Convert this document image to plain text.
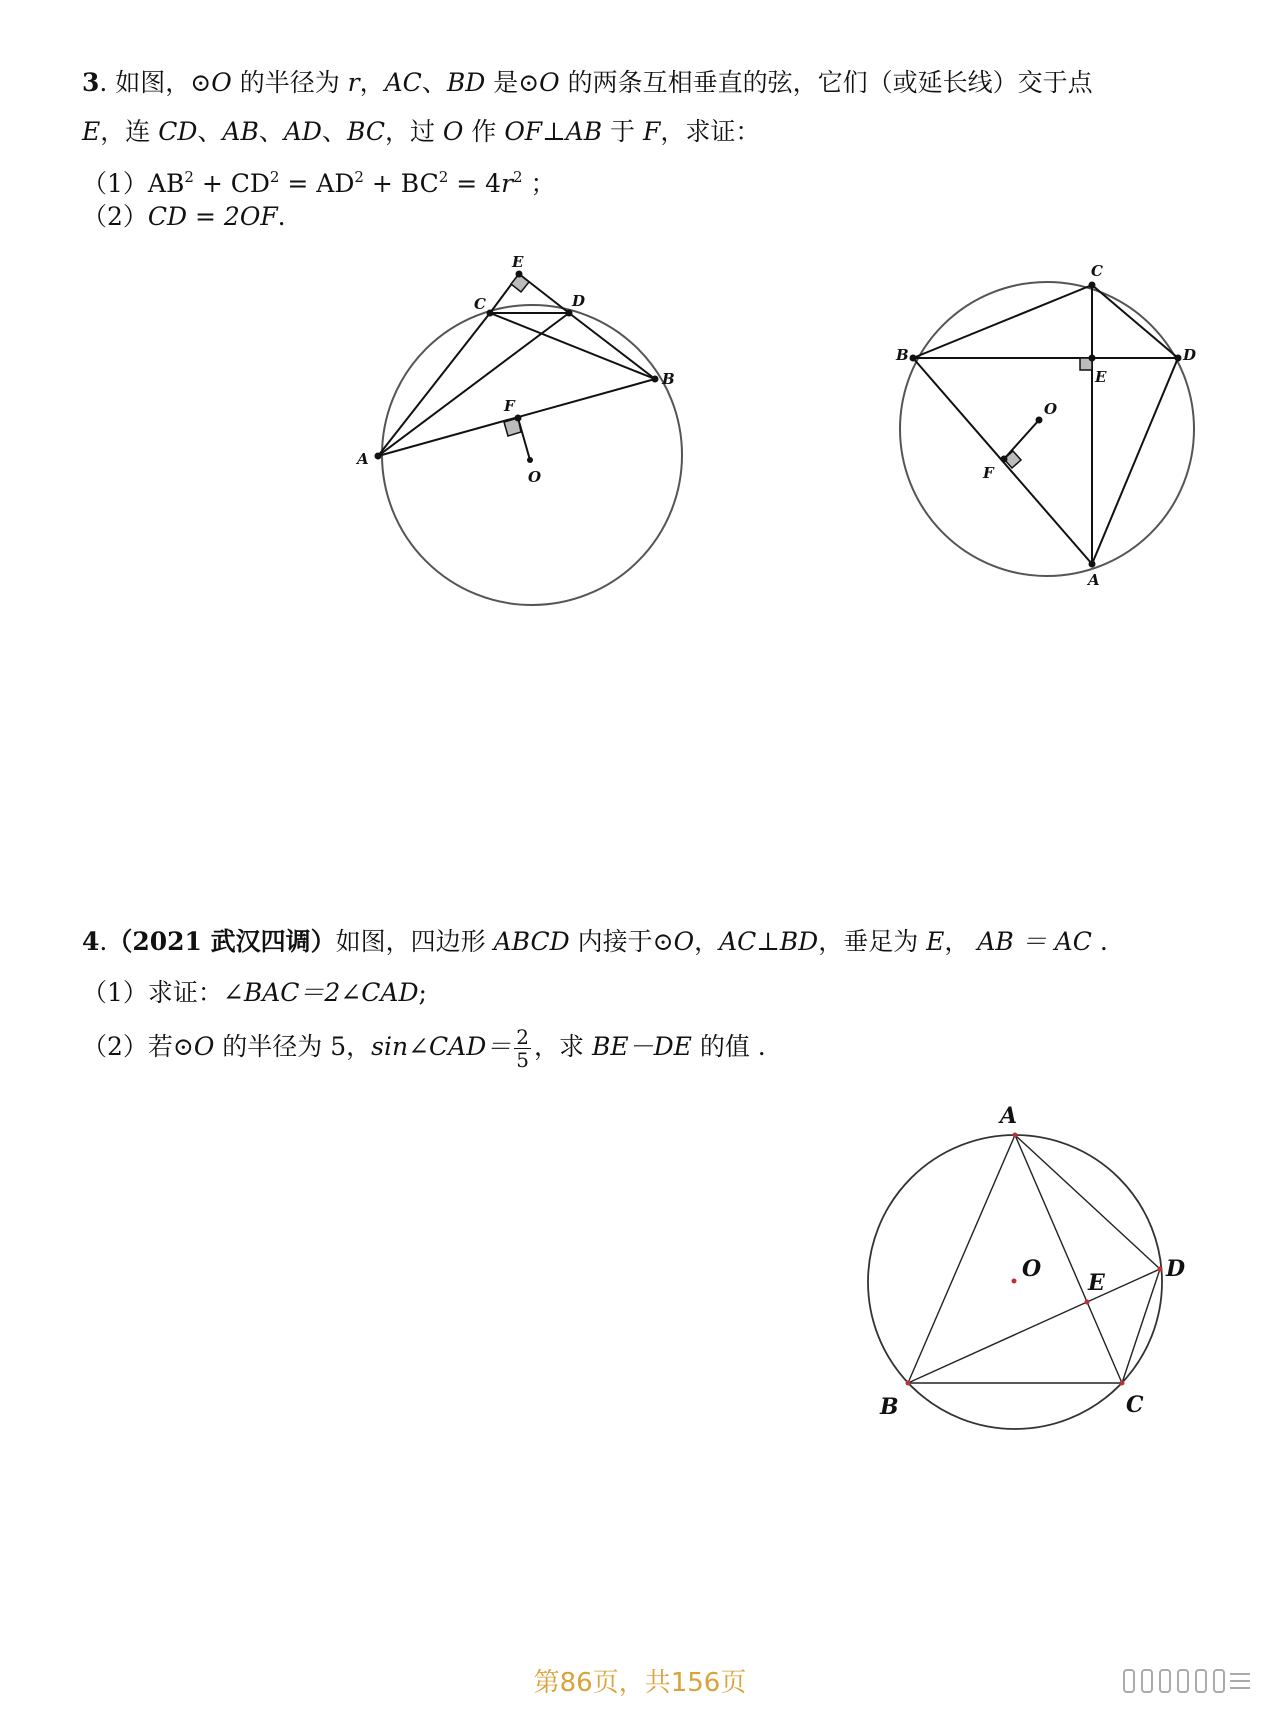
3. 如图，⊙O 的半径为 r，AC、BD 是⊙O 的两条互相垂直的弦，它们（或延长线）交于点
E，连 CD、AB、AD、BC，过 O 作 OF⊥AB 于 F，求证：
$(1)AB^2 + CD^2 = AD^2 + BC^2 = 4r^2$ ；
（2）CD = 2OF.
E
C	D
B
F
A
O
C
B	D
E
O
F
A
4.（2021 武汉四调）如图，四边形 ABCD 内接于⊙O，AC⊥BD，垂足为 E， AB ＝ AC .
（1）求证：∠BAC＝2∠CAD;
（2）若⊙O 的半径为 5，sin∠CAD＝ $\frac{2}{5}$ ，求 BE－DE 的值 .
A
O
E
D
B	C
第86页，共156页
